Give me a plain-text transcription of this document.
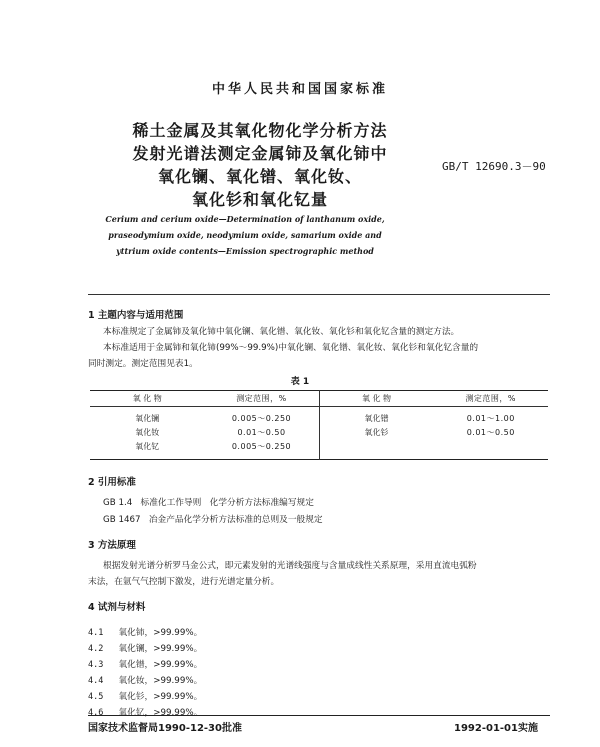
中华人民共和国国家标准
稀土金属及其氧化物化学分析方法
发射光谱法测定金属铈及氧化铈中
氧化镧、氧化镨、氧化钕、
氧化钐和氧化钇量
GB/T 12690.3－90
Cerium and cerium oxide—Determination of lanthanum oxide,
praseodymium oxide, neodymium oxide, samarium oxide and
yttrium oxide contents—Emission spectrographic method
1 主题内容与适用范围
本标准规定了金属铈及氧化铈中氧化镧、氧化镨、氧化钕、氧化钐和氧化钇含量的测定方法。
本标准适用于金属铈和氧化铈(99%～99.9%)中氧化镧、氧化镨、氧化钕、氧化钐和氧化钇含量的
同时测定。测定范围见表1。
表 1
氧 化 物	测定范围，%	氧 化 物	测定范围，%
氧化镧	0.005～0.250	氧化镨	0.01～1.00
氧化钕	0.01～0.50	氧化钐	0.01～0.50
氧化钇	0.005～0.250		
2 引用标准
GB 1.4   标准化工作导则   化学分析方法标准编写规定
GB 1467   冶金产品化学分析方法标准的总则及一般规定
3 方法原理
根据发射光谱分析罗马金公式，即元素发射的光谱线强度与含量成线性关系原理，采用直流电弧粉
末法，在氩气气控制下激发，进行光谱定量分析。
4 试剂与材料
4.1 氧化铈，>99.99%。
4.2 氧化镧，>99.99%。
4.3 氧化镨，>99.99%。
4.4 氧化钕，>99.99%。
4.5 氧化钐，>99.99%。
4.6 氧化钇，>99.99%。
国家技术监督局1990-12-30批准	1992-01-01实施
